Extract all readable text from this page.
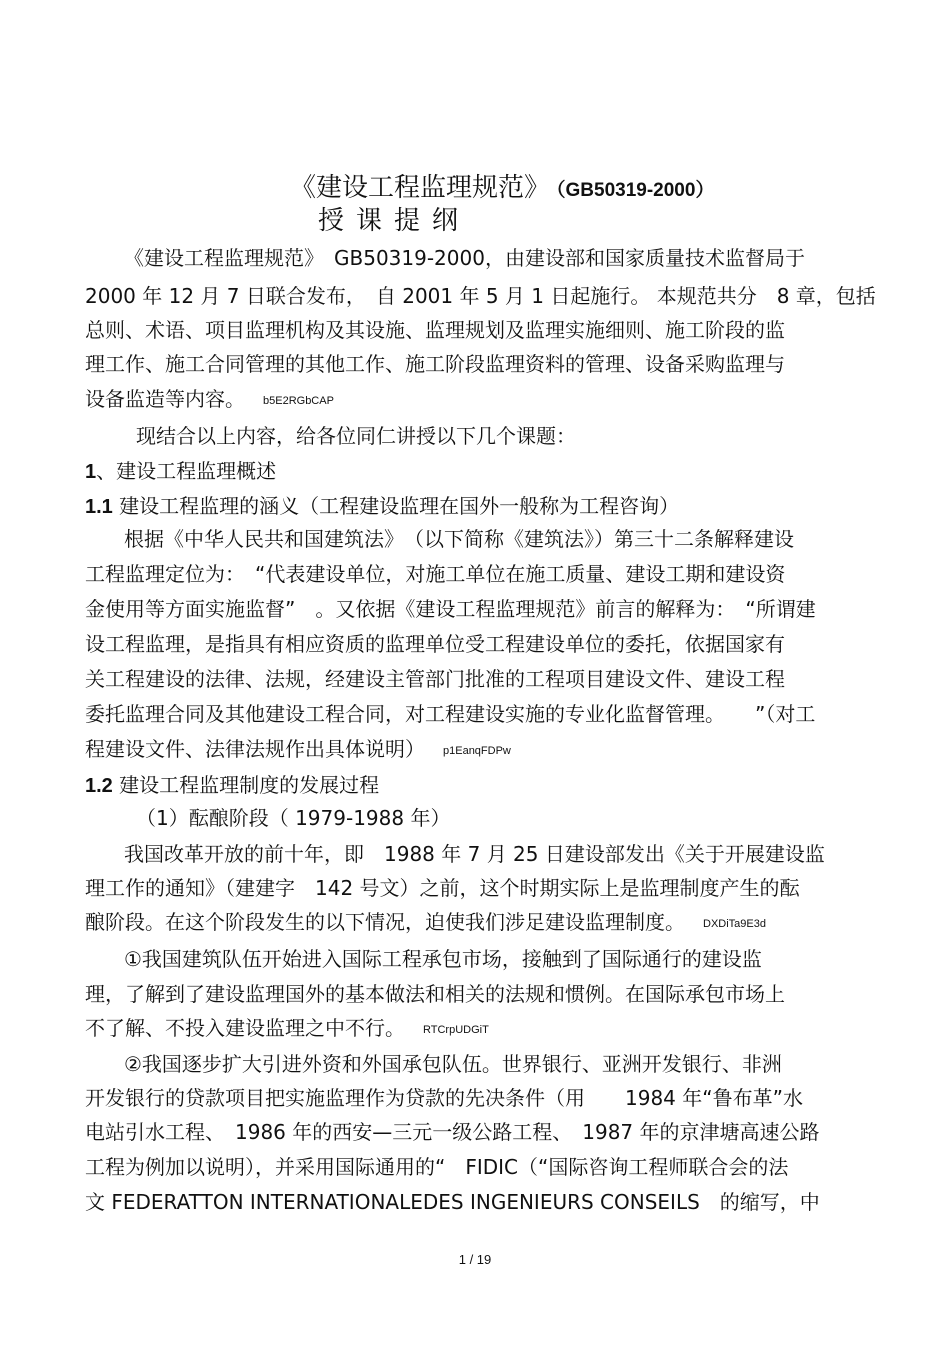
《建设工程监理规范》 （GB50319-2000）
授课提纲
《建设工程监理规范》　GB50319-2000，由建设部和国家质量技术监督局于
2000 年 12 月 7 日联合发布，　自 2001 年 5 月 1 日起施行。 本规范共分　8 章，包括
总则、术语、项目监理机构及其设施、监理规划及监理实施细则、施工阶段的监
理工作、施工合同管理的其他工作、施工阶段监理资料的管理、设备采购监理与
设备监造等内容。 b5E2RGbCAP
现结合以上内容，给各位同仁讲授以下几个课题：
1、建设工程监理概述
1.1 建设工程监理的涵义（工程建设监理在国外一般称为工程咨询）
根据《中华人民共和国建筑法》　（以下简称《建筑法》）第三十二条解释建设
工程监理定位为：　“代表建设单位，对施工单位在施工质量、建设工期和建设资
金使用等方面实施监督”　。又依据《建设工程监理规范》前言的解释为：　“所谓建
设工程监理，是指具有相应资质的监理单位受工程建设单位的委托，依据国家有
关工程建设的法律、法规，经建设主管部门批准的工程项目建设文件、建设工程
委托监理合同及其他建设工程合同，对工程建设实施的专业化监督管理。　　”（对工
程建设文件、法律法规作出具体说明） p1EanqFDPw
1.2 建设工程监理制度的发展过程
（1）酝酿阶段（ 1979-1988 年）
我国改革开放的前十年，即　1988 年 7 月 25 日建设部发出《关于开展建设监
理工作的通知》（建建字　142 号文）之前，这个时期实际上是监理制度产生的酝
酿阶段。在这个阶段发生的以下情况，迫使我们涉足建设监理制度。 DXDiTa9E3d
①我国建筑队伍开始进入国际工程承包市场，接触到了国际通行的建设监
理，了解到了建设监理国外的基本做法和相关的法规和惯例。在国际承包市场上
不了解、不投入建设监理之中不行。 RTCrpUDGiT
②我国逐步扩大引进外资和外国承包队伍。世界银行、亚洲开发银行、非洲
开发银行的贷款项目把实施监理作为贷款的先决条件（用　　1984 年“鲁布革”水
电站引水工程、　1986 年的西安—三元一级公路工程、　1987 年的京津塘高速公路
工程为例加以说明），并采用国际通用的“　FIDIC（“国际咨询工程师联合会的法
文 FEDERATTON INTERNATIONALEDES INGENIEURS CONSEILS　的缩写，中
1 / 19
